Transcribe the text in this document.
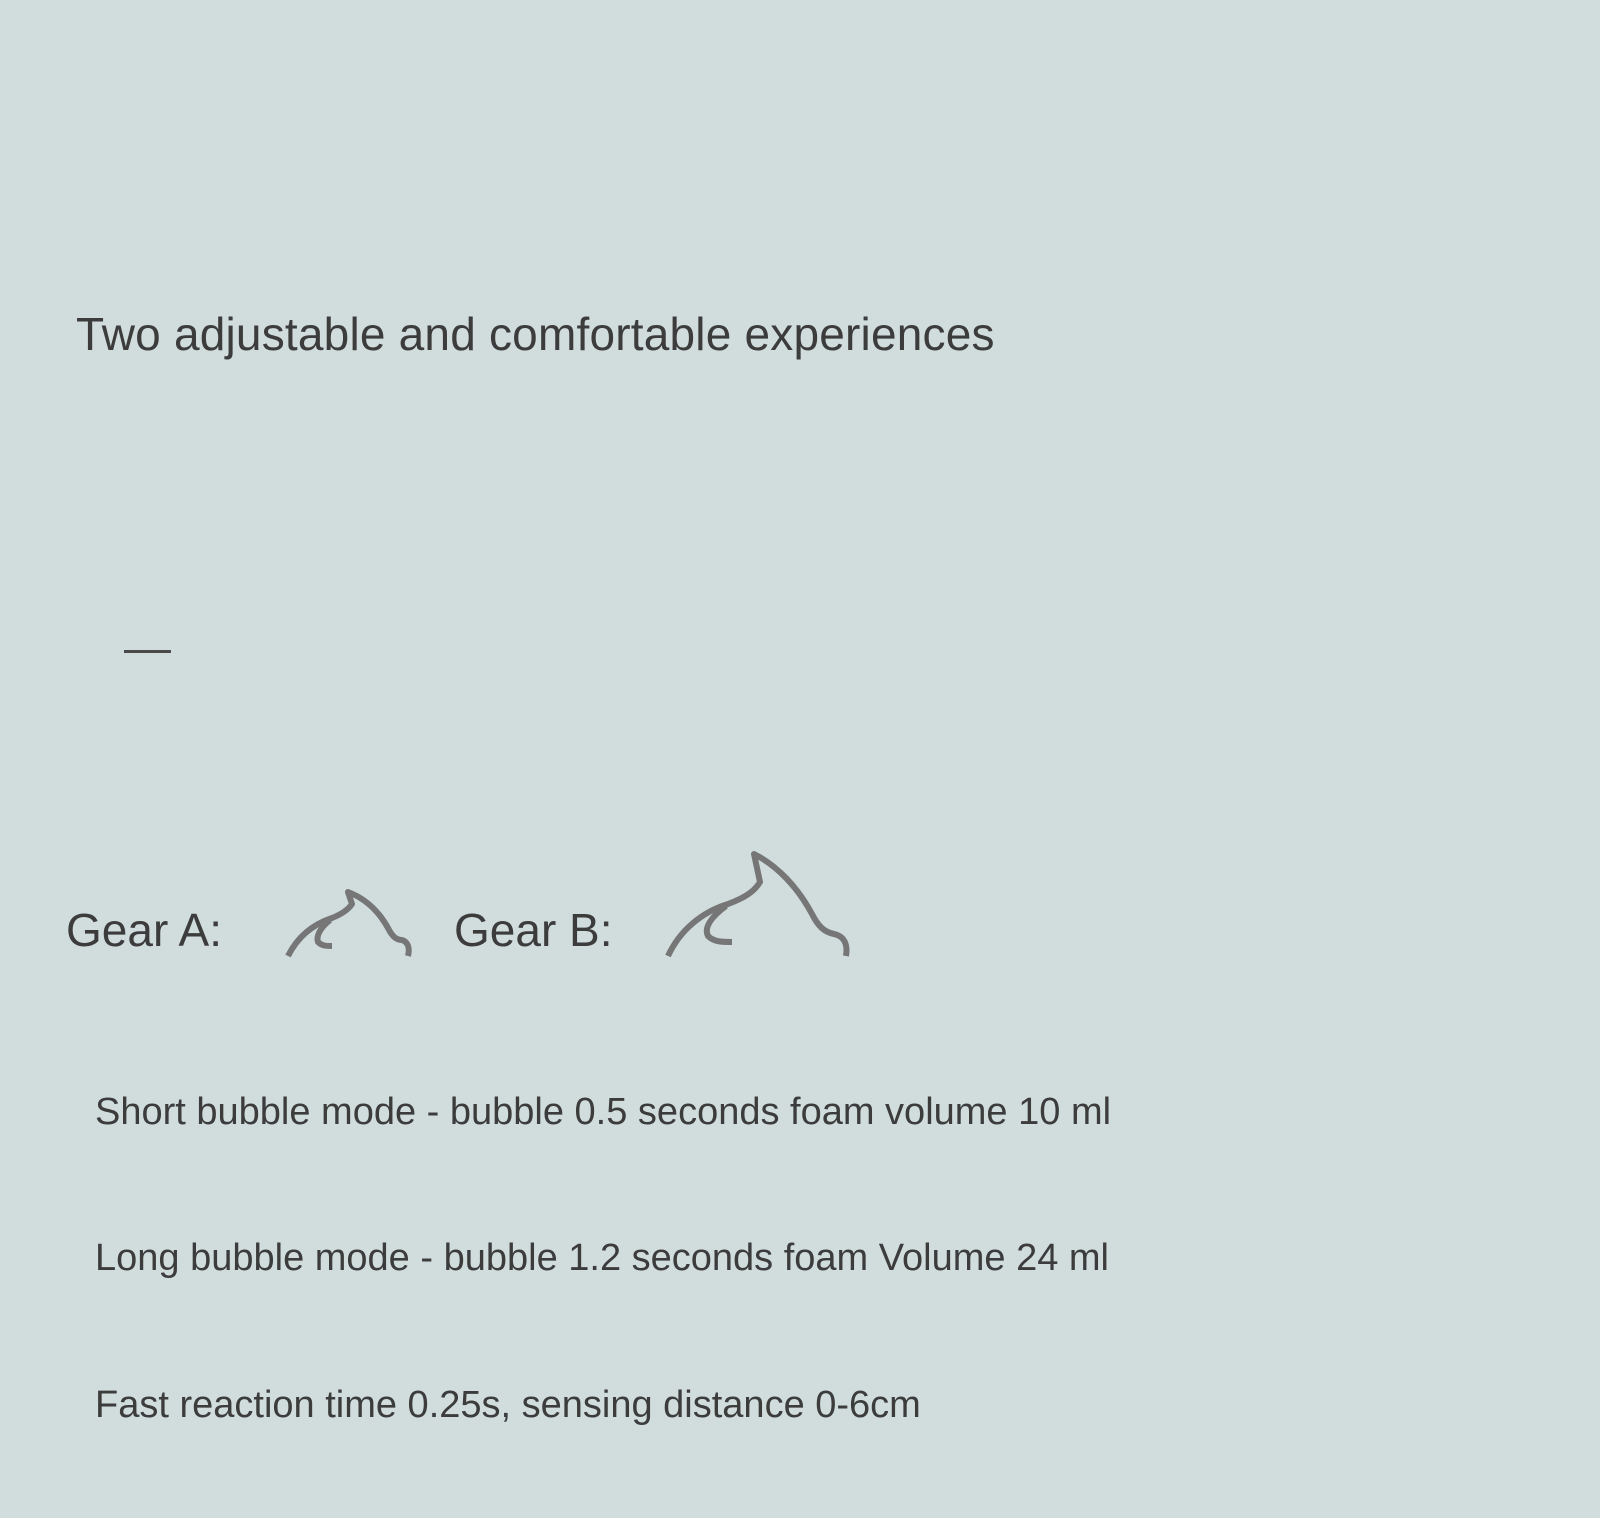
Two adjustable and comfortable experiences
Gear A:	Gear B:
Short bubble mode - bubble 0.5 seconds foam volume 10 ml
Long bubble mode - bubble 1.2 seconds foam Volume 24 ml
Fast reaction time 0.25s, sensing distance 0-6cm
